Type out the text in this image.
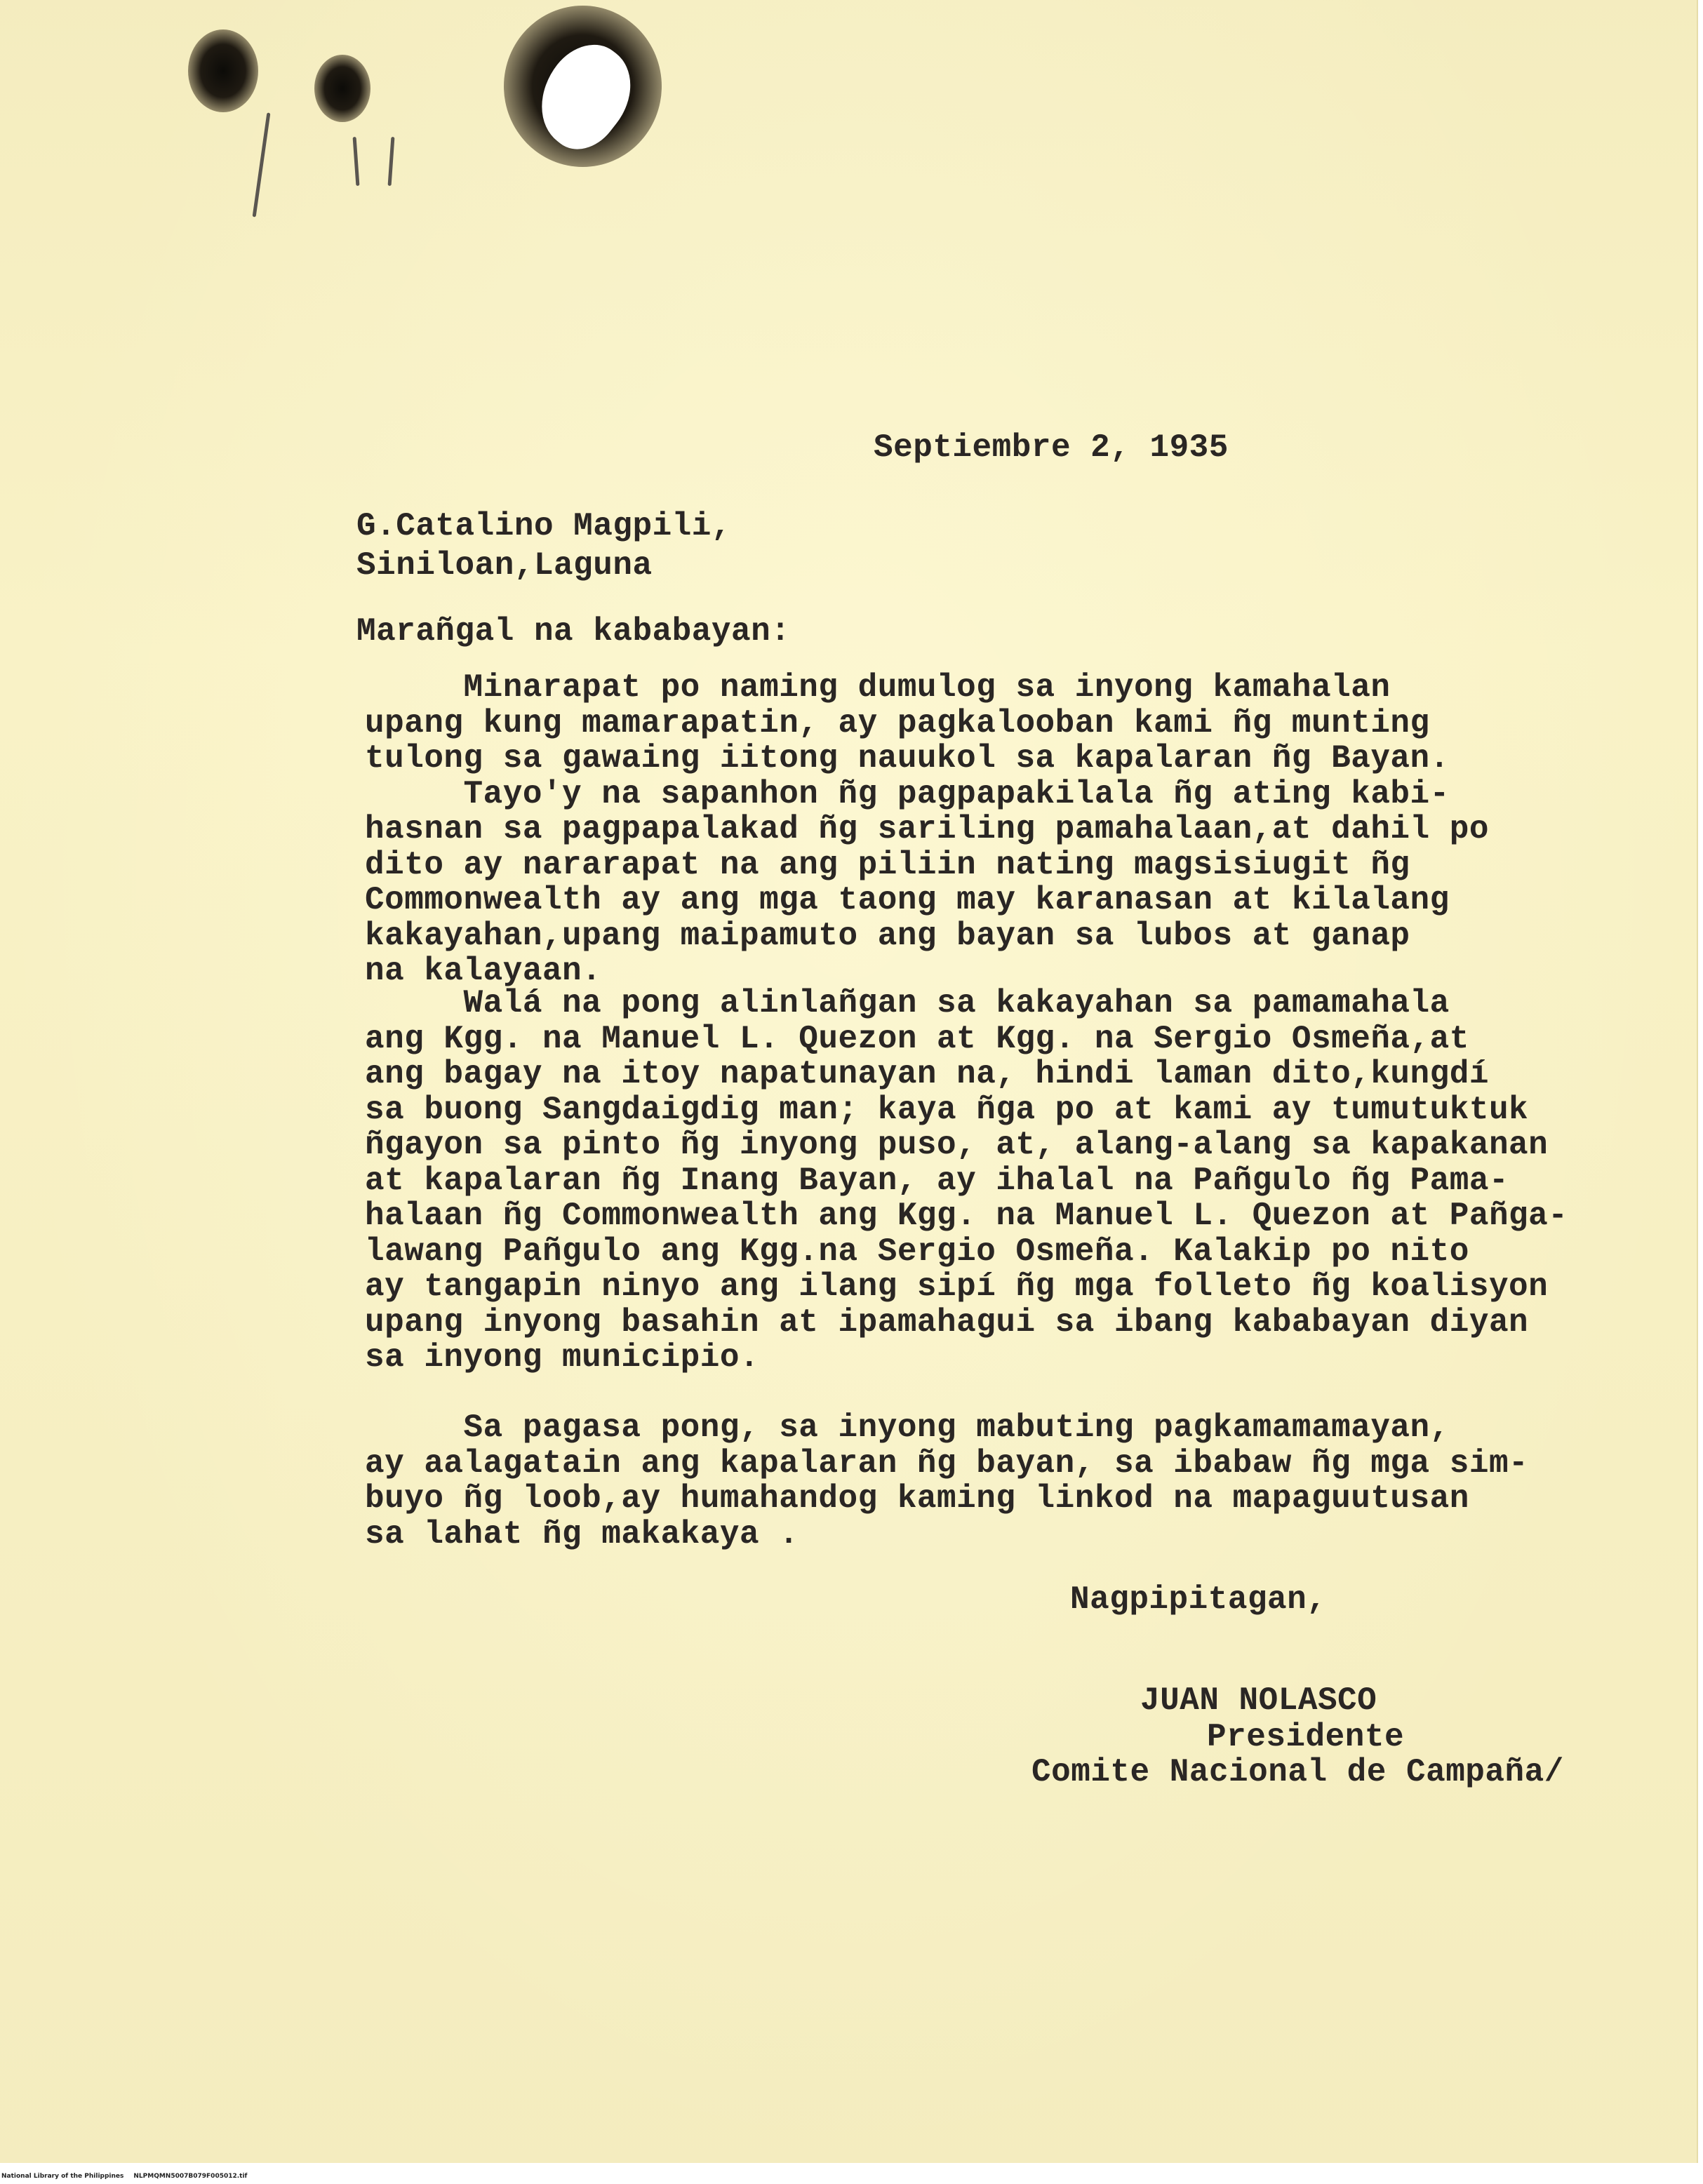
Septiembre 2, 1935

G.Catalino Magpili,

Siniloan,Laguna

Marañgal na kababayan:

Minarapat po naming dumulog sa inyong kamahalan
upang kung mamarapatin, ay pagkalooban kami ñg munting
tulong sa gawaing iitong nauukol sa kapalaran ñg Bayan.
Tayo'y na sapanhon ñg pagpapakilala ñg ating kabi-
hasnan sa pagpapalakad ñg sariling pamahalaan,at dahil po
dito ay nararapat na ang piliin nating magsisiugit ñg
Commonwealth ay ang mga taong may karanasan at kilalang
kakayahan,upang maipamuto ang bayan sa lubos at ganap
na kalayaan.
Walá na pong alinlañgan sa kakayahan sa pamamahala
ang Kgg. na Manuel L. Quezon at Kgg. na Sergio Osmeña,at
ang bagay na itoy napatunayan na, hindi laman dito,kungdí
sa buong Sangdaigdig man; kaya ñga po at kami ay tumutuktuk
ñgayon sa pinto ñg inyong puso, at, alang-alang sa kapakanan
at kapalaran ñg Inang Bayan, ay ihalal na Pañgulo ñg Pama-
halaan ñg Commonwealth ang Kgg. na Manuel L. Quezon at Pañga-
lawang Pañgulo ang Kgg.na Sergio Osmeña. Kalakip po nito
ay tangapin ninyo ang ilang sipí ñg mga folleto ñg koalisyon
upang inyong basahin at ipamahagui sa ibang kababayan diyan
sa inyong municipio.
Sa pagasa pong, sa inyong mabuting pagkamamamayan,
ay aalagatain ang kapalaran ñg bayan, sa ibabaw ñg mga sim-
buyo ñg loob,ay humahandog kaming linkod na mapaguutusan
sa lahat ñg makakaya .

Nagpipitagan,

JUAN NOLASCO

Presidente

Comite Nacional de Campaña/

National Library of the Philippines NLPMQMN5007B079F005012.tif
